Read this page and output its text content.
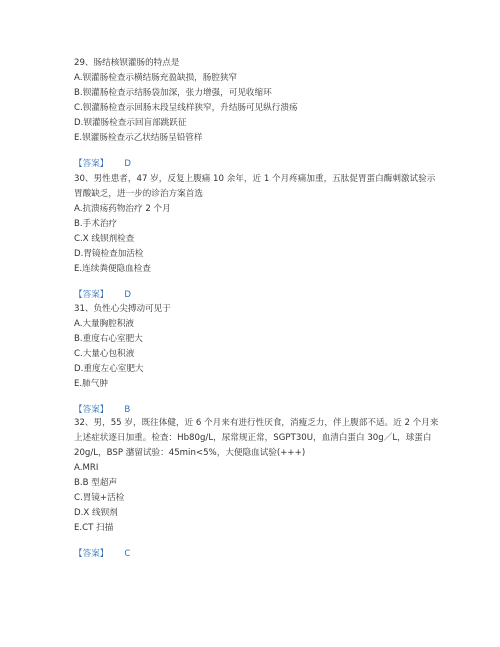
29、肠结核钡灌肠的特点是

A.钡灌肠检查示横结肠充盈缺损，肠腔狭窄

B.钡灌肠检查示结肠袋加深，张力增强，可见收缩环

C.钡灌肠检查示回肠末段呈线样狭窄，升结肠可见纵行溃疡

D.钡灌肠检查示回盲部跳跃征

E.钡灌肠检查示乙状结肠呈铅管样

【答案】 D

30、男性患者，47 岁，反复上腹痛 10 余年，近 1 个月疼痛加重，五肽促胃蛋白酶刺激试验示胃酸缺乏，进一步的诊治方案首选

A.抗溃疡药物治疗 2 个月

B.手术治疗

C.X 线钡剂检查

D.胃镜检查加活检

E.连续粪便隐血检查

【答案】 D

31、负性心尖搏动可见于

A.大量胸腔积液

B.重度右心室肥大

C.大量心包积液

D.重度左心室肥大

E.肺气肿

【答案】 B

32、男，55 岁，既往体健，近 6 个月来有进行性厌食，消瘦乏力，伴上腹部不适。近 2 个月来上述症状逐日加重。检查：Hb80g/L，尿常规正常，SGPT30U，血清白蛋白 30g／L，球蛋白 20g/L，BSP 潴留试验：45min<5%，大便隐血试验(+++)

A.MRI

B.B 型超声

C.胃镜+活检

D.X 线钡剂

E.CT 扫描

【答案】 C
